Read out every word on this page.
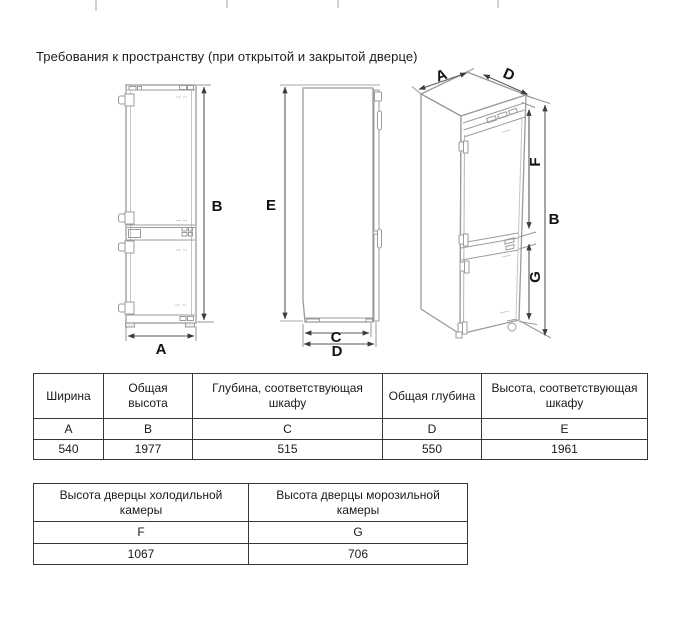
Требования к пространству (при открытой и закрытой дверце)
B
A
E
C
D
A	D
F
B
G
Ширина	Общая высота	Глубина, соответствующая шкафу	Общая глубина	Высота, соответствующая шкафу
A	B	C	D	E
540	1977	515	550	1961
Высота дверцы холодильной камеры	Высота дверцы морозильной камеры
F	G
1067	706
